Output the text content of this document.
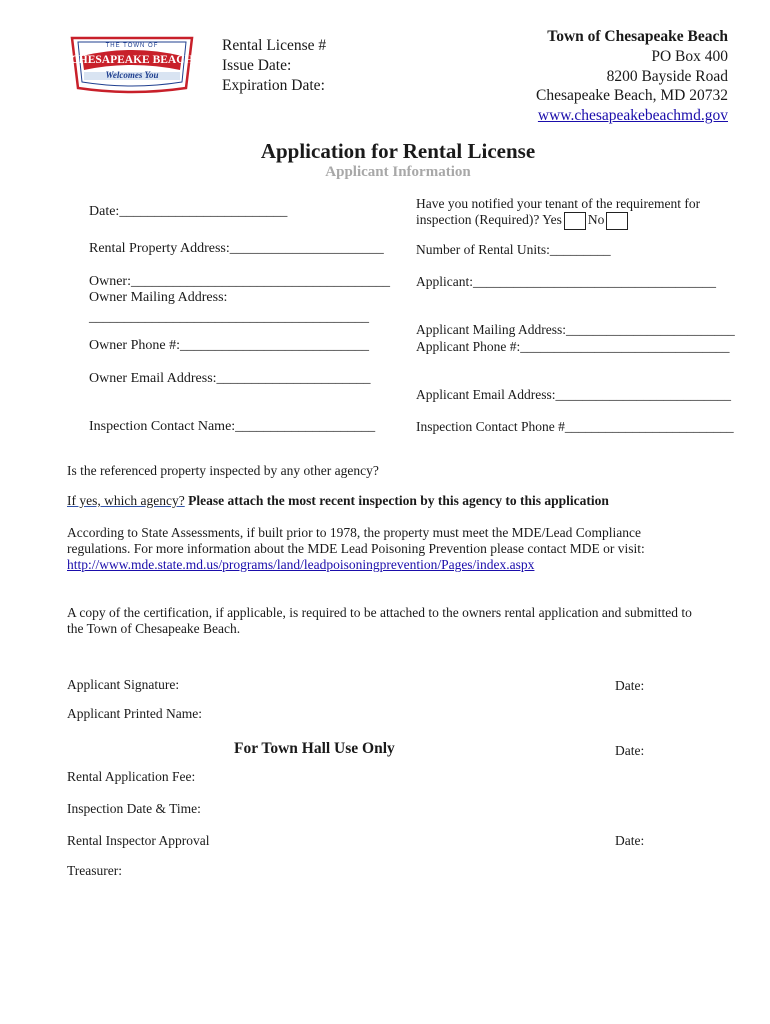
THE TOWN OF
CHESAPEAKE BEACH
Welcomes You
Rental License #
Issue Date:
Expiration Date:
Town of Chesapeake Beach
PO Box 400
8200 Bayside Road
Chesapeake Beach, MD 20732
www.chesapeakebeachmd.gov
Application for Rental License
Applicant Information
Date:________________________
Rental Property Address:______________________
Owner:_____________________________________
Owner Mailing Address:
________________________________________
Owner Phone #:___________________________
Owner Email Address:______________________
Inspection Contact Name:____________________
Have you notified your tenant of the requirement for
inspection (Required)? Yes No
Number of Rental Units:_________
Applicant:____________________________________
Applicant Mailing Address:_________________________
Applicant Phone #:_______________________________
Applicant Email Address:__________________________
Inspection Contact Phone #_________________________
Is the referenced property inspected by any other agency?
If yes, which agency? Please attach the most recent inspection by this agency to this application
According to State Assessments, if built prior to 1978, the property must meet the MDE/Lead Compliance
regulations. For more information about the MDE Lead Poisoning Prevention please contact MDE or visit:
http://www.mde.state.md.us/programs/land/leadpoisoningprevention/Pages/index.aspx
A copy of the certification, if applicable, is required to be attached to the owners rental application and submitted to
the Town of Chesapeake Beach.
Applicant Signature:	Date:
Applicant Printed Name:
For Town Hall Use Only	Date:
Rental Application Fee:
Inspection Date & Time:
Rental Inspector Approval	Date:
Treasurer:
